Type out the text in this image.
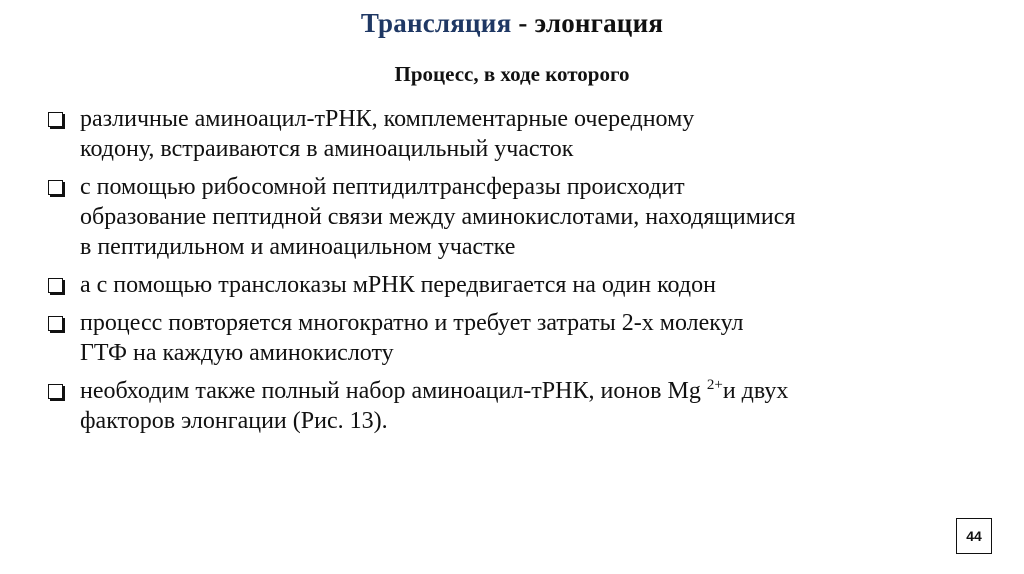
Трансляция - элонгация
Процесс, в ходе которого
различные аминоацил-тРНК, комплементарные очередному
кодону, встраиваются в аминоацильный участок
с помощью рибосомной пептидилтрансферазы происходит
образование пептидной связи между аминокислотами, находящимися
в пептидильном и аминоацильном участке
а с помощью транслоказы мРНК передвигается на один кодон
процесс повторяется многократно и требует затраты 2-х молекул
ГТФ на каждую аминокислоту
необходим также полный набор аминоацил-тРНК, ионов Mg $^{2+}$и двух
факторов элонгации (Рис. 13).
44
